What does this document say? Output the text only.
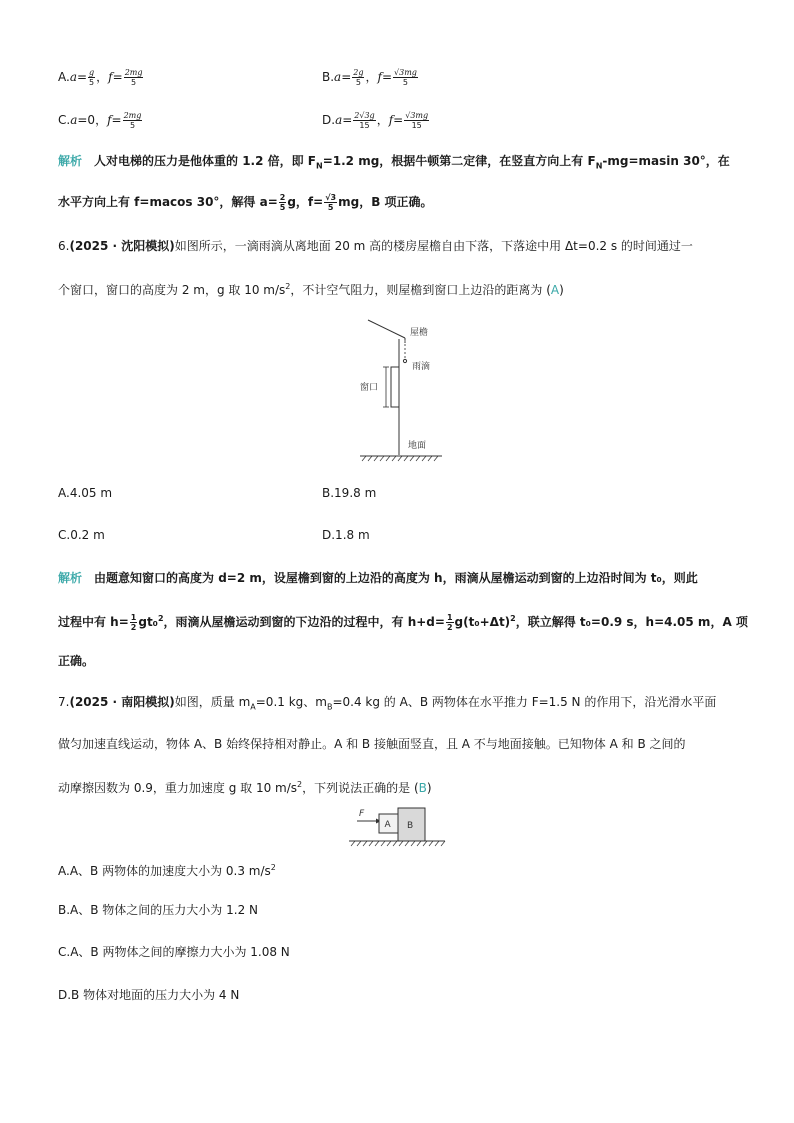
$A.a= \frac{g}{5}$ ，$f= \frac{2mg}{5}$	$B.a= \frac{2g}{5}$ ，$f= \frac{√3mg}{5}$
C.a=0，$f= \frac{2mg}{5}$	$D.a= \frac{2√3g}{15}$ ，$f= \frac{√3mg}{15}$
解析 人对电梯的压力是他体重的 1.2 倍，即 $F_N=1.2$ mg，根据牛顿第二定律，在竖直方向上有 $F_N-mg=masin$ 30°，在
水平方向上有 f=macos 30°，解得 $a= \frac{2}{5}$ g，$f= \frac{√3}{5}$ mg，B 项正确。
6.(2025 · 沈阳模拟)如图所示，一滴雨滴从离地面 20 m 高的楼房屋檐自由下落，下落途中用 Δt=0.2 s 的时间通过一
个窗口，窗口的高度为 2 m，g 取 10 $m/s^2$，不计空气阻力，则屋檐到窗口上边沿的距离为 (A)
屋檐
雨滴
窗口
地面
A.4.05 m	B.19.8 m
C.0.2 m	D.1.8 m
解析 由题意知窗口的高度为 d=2 m，设屋檐到窗的上边沿的高度为 h，雨滴从屋檐运动到窗的上边沿时间为 t₀，则此
过程中有 $h= \frac{1}{2} gt_0^2$，雨滴从屋檐运动到窗的下边沿的过程中，有 $h+d= \frac{1}{2} g(t_0+\Delta t)^2$，联立解得 t₀=0.9 s，h=4.05 m，A 项
正确。
7.(2025 · 南阳模拟)如图，质量 $m_A=0.1$ kg、$m_B=0.4$ kg 的 A、B 两物体在水平推力 F=1.5 N 的作用下，沿光滑水平面
做匀加速直线运动，物体 A、B 始终保持相对静止。A 和 B 接触面竖直，且 A 不与地面接触。已知物体 A 和 B 之间的
动摩擦因数为 0.9，重力加速度 g 取 10 $m/s^2$，下列说法正确的是 (B)
F
A B
A.A、B 两物体的加速度大小为 0.3 $m/s^2$
B.A、B 物体之间的压力大小为 1.2 N
C.A、B 两物体之间的摩擦力大小为 1.08 N
D.B 物体对地面的压力大小为 4 N
